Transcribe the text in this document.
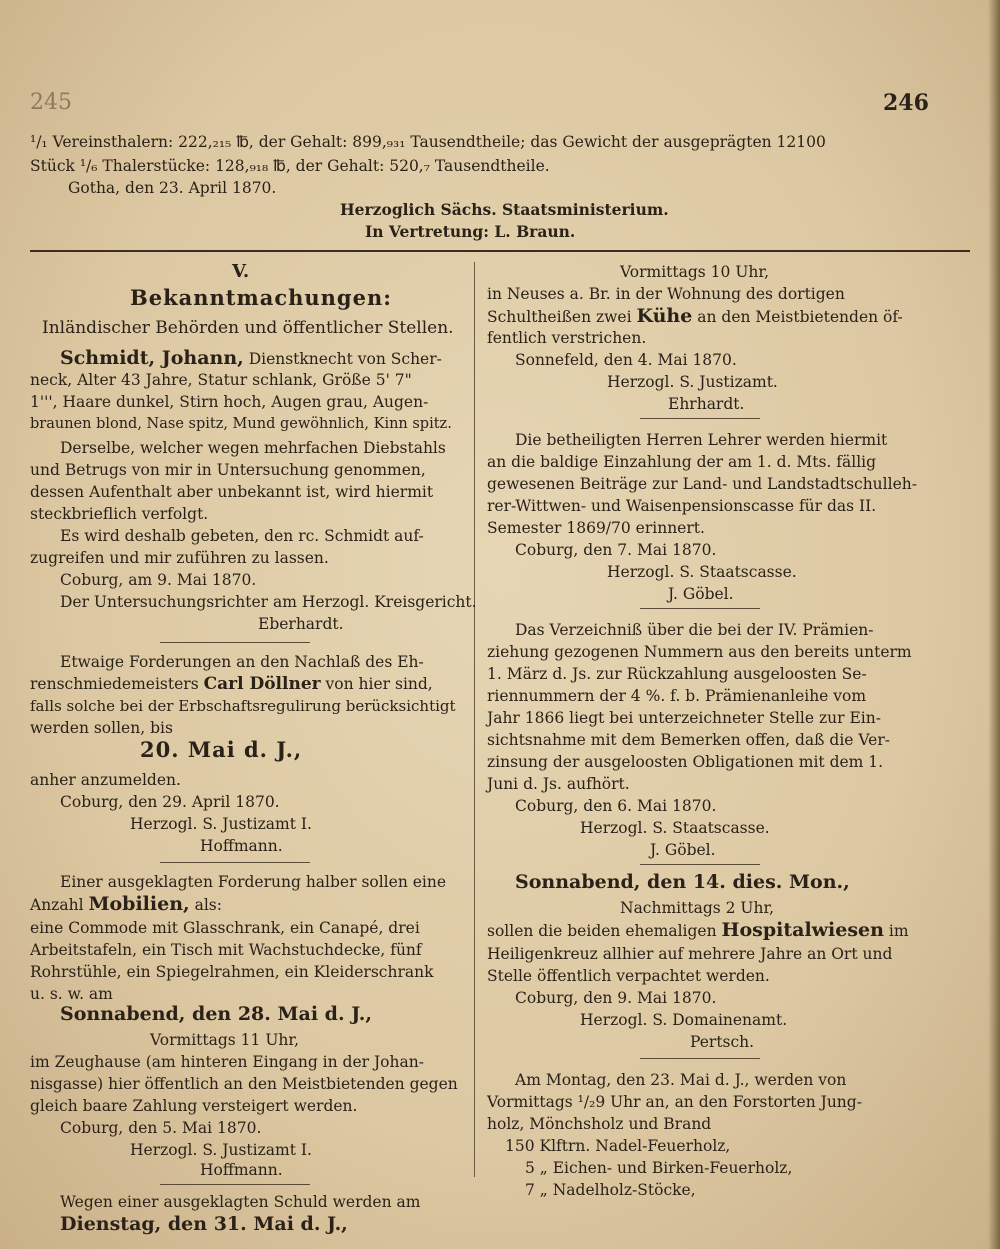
245	246
¹/₁ Vereinsthalern: 222,₂₁₅ ℔, der Gehalt: 899,₉₃₁ Tausendtheile; das Gewicht der ausgeprägten 12100
Stück ¹/₆ Thalerstücke: 128,₉₁₈ ℔, der Gehalt: 520,₇ Tausendtheile.
Gotha, den 23. April 1870.
Herzoglich Sächs. Staatsministerium.
In Vertretung: L. Braun.
V.
Bekanntmachungen:
Inländischer Behörden und öffentlicher Stellen.
Schmidt, Johann, Dienstknecht von Scher-
neck, Alter 43 Jahre, Statur schlank, Größe 5' 7"
1''', Haare dunkel, Stirn hoch, Augen grau, Augen-
braunen blond, Nase spitz, Mund gewöhnlich, Kinn spitz.
Derselbe, welcher wegen mehrfachen Diebstahls
und Betrugs von mir in Untersuchung genommen,
dessen Aufenthalt aber unbekannt ist, wird hiermit
steckbrieflich verfolgt.
Es wird deshalb gebeten, den rc. Schmidt auf-
zugreifen und mir zuführen zu lassen.
Coburg, am 9. Mai 1870.
Der Untersuchungsrichter am Herzogl. Kreisgericht.
Eberhardt.
Etwaige Forderungen an den Nachlaß des Eh-
renschmiedemeisters Carl Döllner von hier sind,
falls solche bei der Erbschaftsregulirung berücksichtigt
werden sollen, bis
20. Mai d. J.,
anher anzumelden.
Coburg, den 29. April 1870.
Herzogl. S. Justizamt I.
Hoffmann.
Einer ausgeklagten Forderung halber sollen eine
Anzahl Mobilien, als:
eine Commode mit Glasschrank, ein Canapé, drei
Arbeitstafeln, ein Tisch mit Wachstuchdecke, fünf
Rohrstühle, ein Spiegelrahmen, ein Kleiderschrank
u. s. w. am
Sonnabend, den 28. Mai d. J.,
Vormittags 11 Uhr,
im Zeughause (am hinteren Eingang in der Johan-
nisgasse) hier öffentlich an den Meistbietenden gegen
gleich baare Zahlung versteigert werden.
Coburg, den 5. Mai 1870.
Herzogl. S. Justizamt I.
Hoffmann.
Wegen einer ausgeklagten Schuld werden am
Dienstag, den 31. Mai d. J.,
Vormittags 10 Uhr,
in Neuses a. Br. in der Wohnung des dortigen
Schultheißen zwei Kühe an den Meistbietenden öf-
fentlich verstrichen.
Sonnefeld, den 4. Mai 1870.
Herzogl. S. Justizamt.
Ehrhardt.
Die betheiligten Herren Lehrer werden hiermit
an die baldige Einzahlung der am 1. d. Mts. fällig
gewesenen Beiträge zur Land- und Landstadtschulleh-
rer-Wittwen- und Waisenpensionscasse für das II.
Semester 1869/70 erinnert.
Coburg, den 7. Mai 1870.
Herzogl. S. Staatscasse.
J. Göbel.
Das Verzeichniß über die bei der IV. Prämien-
ziehung gezogenen Nummern aus den bereits unterm
1. März d. Js. zur Rückzahlung ausgeloosten Se-
riennummern der 4 %. f. b. Prämienanleihe vom
Jahr 1866 liegt bei unterzeichneter Stelle zur Ein-
sichtsnahme mit dem Bemerken offen, daß die Ver-
zinsung der ausgeloosten Obligationen mit dem 1.
Juni d. Js. aufhört.
Coburg, den 6. Mai 1870.
Herzogl. S. Staatscasse.
J. Göbel.
Sonnabend, den 14. dies. Mon.,
Nachmittags 2 Uhr,
sollen die beiden ehemaligen Hospitalwiesen im
Heiligenkreuz allhier auf mehrere Jahre an Ort und
Stelle öffentlich verpachtet werden.
Coburg, den 9. Mai 1870.
Herzogl. S. Domainenamt.
Pertsch.
Am Montag, den 23. Mai d. J., werden von
Vormittags ¹/₂9 Uhr an, an den Forstorten Jung-
holz, Mönchsholz und Brand
150 Klftrn. Nadel-Feuerholz,
5 „ Eichen- und Birken-Feuerholz,
7 „ Nadelholz-Stöcke,
